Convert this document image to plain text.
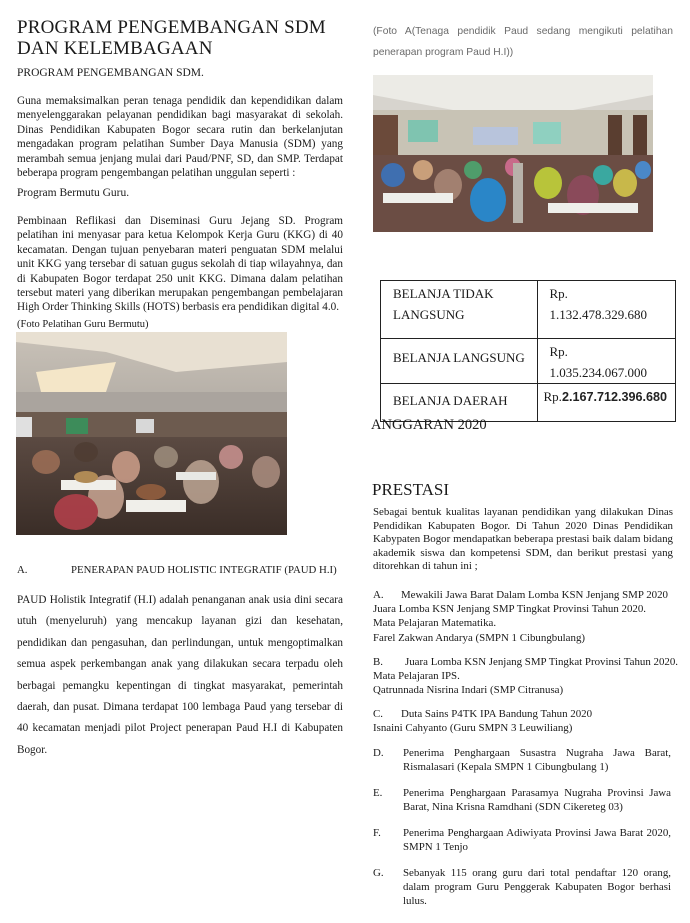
PROGRAM PENGEMBANGAN SDM
DAN KELEMBAGAAN
PROGRAM PENGEMBANGAN SDM.
Guna memaksimalkan peran tenaga pendidik dan kependidikan dalam menyelenggarakan pelayanan pendidikan bagi masyarakat di sekolah. Dinas Pendidikan Kabupaten Bogor secara rutin dan berkelanjutan mengadakan program pelatihan Sumber Daya Manusia (SDM) yang merambah semua jenjang mulai dari Paud/PNF, SD, dan SMP. Terdapat beberapa program pengembangan pelatihan unggulan seperti :
Program Bermutu Guru.
Pembinaan Reflikasi dan Diseminasi Guru Jejang SD. Program pelatihan ini menyasar para ketua Kelompok Kerja Guru (KKG) di 40 kecamatan. Dengan tujuan penyebaran materi penguatan SDM melalui unit KKG yang tersebar di satuan gugus sekolah di tiap wilayahnya, dan di Kabupaten Bogor terdapat 250 unit KKG. Dimana dalam pelatihan tersebut materi yang diberikan merupakan pengembangan pembelajaran High Order Thinking Skills (HOTS) berbasis era pendidikan digital 4.0.
(Foto Pelatihan Guru Bermutu)
A.	PENERAPAN PAUD HOLISTIC INTEGRATIF (PAUD H.I)
PAUD Holistik Integratif (H.I) adalah penanganan anak usia dini secara utuh (menyeluruh) yang mencakup layanan gizi dan kesehatan, pendidikan dan pengasuhan, dan perlindungan, untuk mengoptimalkan semua aspek perkembangan anak yang dilakukan secara terpadu oleh berbagai pemangku kepentingan di tingkat masyarakat, pemerintah daerah, dan pusat. Dimana terdapat 100 lembaga Paud yang tersebar di 40 kecamatan menjadi pilot Project penerapan Paud H.I di Kabupaten Bogor.
(Foto A(Tenaga pendidik Paud sedang mengikuti pelatihan penerapan program Paud H.I))
BELANJA TIDAK LANGSUNG	Rp. 1.132.478.329.680
BELANJA LANGSUNG	Rp. 1.035.234.067.000
BELANJA DAERAH	Rp.2.167.712.396.680
ANGGARAN 2020
PRESTASI
Sebagai bentuk kualitas layanan pendidikan yang dilakukan Dinas Pendidikan Kabupaten Bogor. Di Tahun 2020 Dinas Pendidikan Kabypaten Bogor mendapatkan beberapa prestasi baik dalam bidang akademik siswa dan kompetensi SDM, dan berikut prestasi yang ditorehkan di tahun ini ;
A. Mewakili Jawa Barat Dalam Lomba KSN Jenjang SMP 2020
Juara Lomba KSN Jenjang SMP Tingkat Provinsi Tahun 2020.
Mata Pelajaran Matematika.
Farel Zakwan Andarya (SMPN 1 Cibungbulang)
B. Juara Lomba KSN Jenjang SMP Tingkat Provinsi Tahun 2020.
Mata Pelajaran IPS.
Qatrunnada Nisrina Indari (SMP Citranusa)
C. Duta Sains P4TK IPA Bandung Tahun 2020
Isnaini Cahyanto (Guru SMPN 3 Leuwiliang)
D.	Penerima Penghargaan Susastra Nugraha Jawa Barat, Rismalasari (Kepala SMPN 1 Cibungbulang 1)
E.	Penerima Penghargaan Parasamya Nugraha Provinsi Jawa Barat, Nina Krisna Ramdhani (SDN Cikereteg 03)
F.	Penerima Penghargaan Adiwiyata Provinsi Jawa Barat 2020, SMPN 1 Tenjo
G.	Sebanyak 115 orang guru dari total pendaftar 120 orang, dalam program Guru Penggerak Kabupaten Bogor berhasi lulus.
